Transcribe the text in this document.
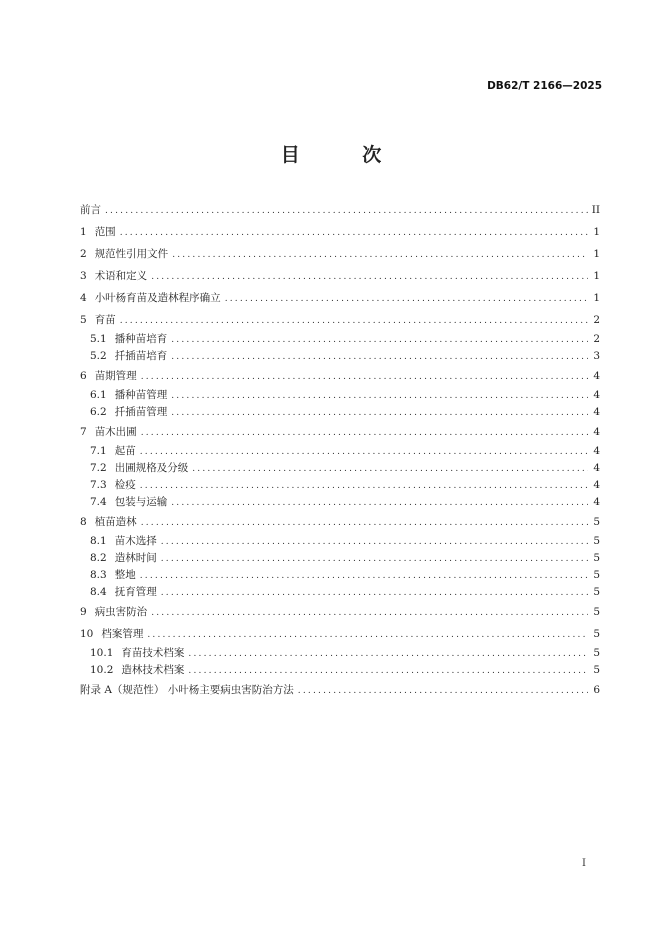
DB62/T 2166—2025
目 次
前言 .....	II
1 范围 .....	1
2 规范性引用文件 .....	1
3 术语和定义 .....	1
4 小叶杨育苗及造林程序确立 .....	1
5 育苗 .....	2
5.1 播种苗培育 .....	2
5.2 扦插苗培育 .....	3
6 苗期管理 .....	4
6.1 播种苗管理 .....	4
6.2 扦插苗管理 .....	4
7 苗木出圃 .....	4
7.1 起苗 .....	4
7.2 出圃规格及分级 .....	4
7.3 检疫 .....	4
7.4 包装与运输 .....	4
8 植苗造林 .....	5
8.1 苗木选择 .....	5
8.2 造林时间 .....	5
8.3 整地 .....	5
8.4 抚育管理 .....	5
9 病虫害防治 .....	5
10 档案管理 .....	5
10.1 育苗技术档案 .....	5
10.2 造林技术档案 .....	5
附录 A（规范性） 小叶杨主要病虫害防治方法 .....	6
I
